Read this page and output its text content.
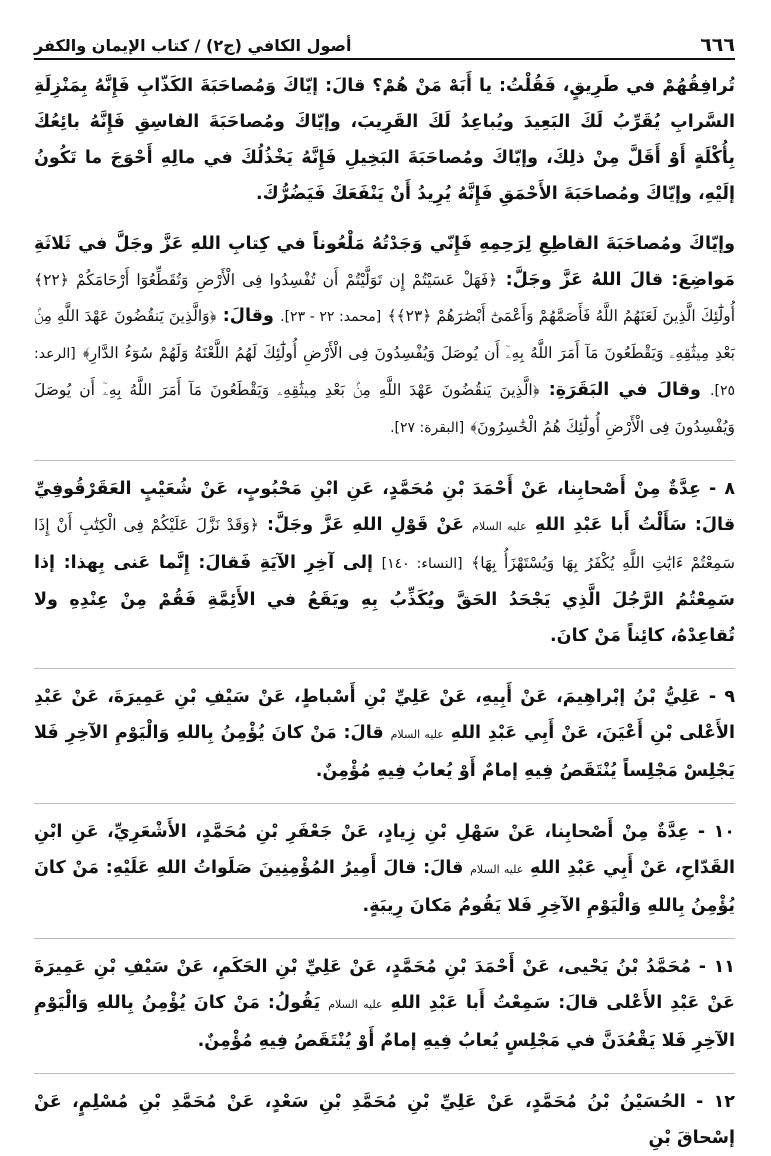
أصول الكافي (ج٢) / كتاب الإيمان والكفر	٦٦٦

تُرافِقُهُمْ في طَرِيقٍ، فَقُلْتُ: يا أَبَهْ مَنْ هُمْ؟ قالَ: إيّاكَ وَمُصاحَبَةَ الكَذّابِ فَإِنَّهُ بِمَنْزِلَةِ السَّرابِ يُقَرِّبُ لَكَ البَعِيدَ ويُباعِدُ لَكَ القَرِيبَ، وإيّاكَ ومُصاحَبَةَ الفاسِقِ فَإِنَّهُ بائِعُكَ بِأُكْلَةٍ أَوْ أَقَلَّ مِنْ ذلِكَ، وإيّاكَ ومُصاحَبَةَ البَخِيلِ فَإِنَّهُ يَخْذُلُكَ في مالِهِ أَحْوَجَ ما تَكُونُ إلَيْهِ، وإيّاكَ ومُصاحَبَةَ الأَحْمَقِ فَإِنَّهُ يُرِيدُ أَنْ يَنْفَعَكَ فَيَضُرُّكَ.

وإيّاكَ ومُصاحَبَةَ القاطِعِ لِرَحِمِهِ فَإِنّي وَجَدْتُهُ مَلْعُوناً في كِتابِ اللهِ عَزَّ وجَلَّ في ثَلاثَةِ مَواضِعَ: قالَ اللهُ عَزَّ وجَلَّ: ﴿فَهَلْ عَسَيْتُمْ إِن تَوَلَّيْتُمْ أَن تُفْسِدُوا فِى الْأَرْضِ وَتُقَطِّعُوٓا أَرْحَامَكُمْ ﴿٢٢﴾ أُولَٰٓئِكَ الَّذِينَ لَعَنَهُمُ اللَّهُ فَأَصَمَّهُمْ وَأَعْمَىٰٓ أَبْصَٰرَهُمْ ﴿٢٣﴾﴾ [محمد: ٢٢ - ٢٣]. وقالَ: ﴿وَالَّذِينَ يَنقُضُونَ عَهْدَ اللَّهِ مِنۢ بَعْدِ مِيثَٰقِهِۦ وَيَقْطَعُونَ مَآ أَمَرَ اللَّهُ بِهِۦٓ أَن يُوصَلَ وَيُفْسِدُونَ فِى الْأَرْضِ أُولَٰٓئِكَ لَهُمُ اللَّعْنَةُ وَلَهُمْ سُوٓءُ الدَّارِ﴾ [الرعد: ٢٥]. وقالَ في البَقَرَةِ: ﴿الَّذِينَ يَنقُضُونَ عَهْدَ اللَّهِ مِنۢ بَعْدِ مِيثَٰقِهِۦ وَيَقْطَعُونَ مَآ أَمَرَ اللَّهُ بِهِۦٓ أَن يُوصَلَ وَيُفْسِدُونَ فِى الْأَرْضِ أُولَٰٓئِكَ هُمُ الْخَٰسِرُونَ﴾ [البقرة: ٢٧].

٨ - عِدَّةٌ مِنْ أَصْحابِنا، عَنْ أَحْمَدَ بْنِ مُحَمَّدٍ، عَنِ ابْنِ مَحْبُوبٍ، عَنْ شُعَيْبٍ العَقَرْقُوفِيِّ قالَ: سَأَلْتُ أَبا عَبْدِ اللهِ عليه السلام عَنْ قَوْلِ اللهِ عَزَّ وجَلَّ: ﴿وَقَدْ نَزَّلَ عَلَيْكُمْ فِى الْكِتَٰبِ أَنْ إِذَا سَمِعْتُمْ ءَايَٰتِ اللَّهِ يُكْفَرُ بِهَا وَيُسْتَهْزَأُ بِهَا﴾ [النساء: ١٤٠] إلى آخِرِ الآيَةِ فَقالَ: إِنَّما عَنى بِهذا: إذا سَمِعْتُمُ الرَّجُلَ الَّذِي يَجْحَدُ الحَقَّ ويُكَذِّبُ بِهِ ويَقَعُ في الأَئِمَّةِ فَقُمْ مِنْ عِنْدِهِ ولا تُقاعِدْهُ، كائِناً مَنْ كانَ.

٩ - عَلِيُّ بْنُ إبْراهِيمَ، عَنْ أَبِيهِ، عَنْ عَلِيِّ بْنِ أَسْباطٍ، عَنْ سَيْفِ بْنِ عَمِيرَةَ، عَنْ عَبْدِ الأَعْلى بْنِ أَعْيَنَ، عَنْ أَبِي عَبْدِ اللهِ عليه السلام قالَ: مَنْ كانَ يُؤْمِنُ بِاللهِ وَالْيَوْمِ الآخِرِ فَلا يَجْلِسْ مَجْلِساً يُنْتَقَصُ فِيهِ إمامٌ أَوْ يُعابُ فِيهِ مُؤْمِنٌ.

١٠ - عِدَّةٌ مِنْ أَصْحابِنا، عَنْ سَهْلِ بْنِ زِيادٍ، عَنْ جَعْفَرِ بْنِ مُحَمَّدٍ، الأَشْعَرِيِّ، عَنِ ابْنِ القَدّاحِ، عَنْ أَبِي عَبْدِ اللهِ عليه السلام قالَ: قالَ أَمِيرُ المُؤْمِنِينَ صَلَواتُ اللهِ عَلَيْهِ: مَنْ كانَ يُؤْمِنُ بِاللهِ وَالْيَوْمِ الآخِرِ فَلا يَقُومُ مَكانَ رِيبَةٍ.

١١ - مُحَمَّدُ بْنُ يَحْيى، عَنْ أَحْمَدَ بْنِ مُحَمَّدٍ، عَنْ عَلِيِّ بْنِ الحَكَمِ، عَنْ سَيْفِ بْنِ عَمِيرَةَ عَنْ عَبْدِ الأَعْلى قالَ: سَمِعْتُ أَبا عَبْدِ اللهِ عليه السلام يَقُولُ: مَنْ كانَ يُؤْمِنُ بِاللهِ وَالْيَوْمِ الآخِرِ فَلا يَقْعُدَنَّ في مَجْلِسٍ يُعابُ فِيهِ إمامٌ أَوْ يُنْتَقَصُ فِيهِ مُؤْمِنٌ.

١٢ - الحُسَيْنُ بْنُ مُحَمَّدٍ، عَنْ عَلِيِّ بْنِ مُحَمَّدِ بْنِ سَعْدٍ، عَنْ مُحَمَّدِ بْنِ مُسْلِمٍ، عَنْ إسْحاقَ بْنِ
